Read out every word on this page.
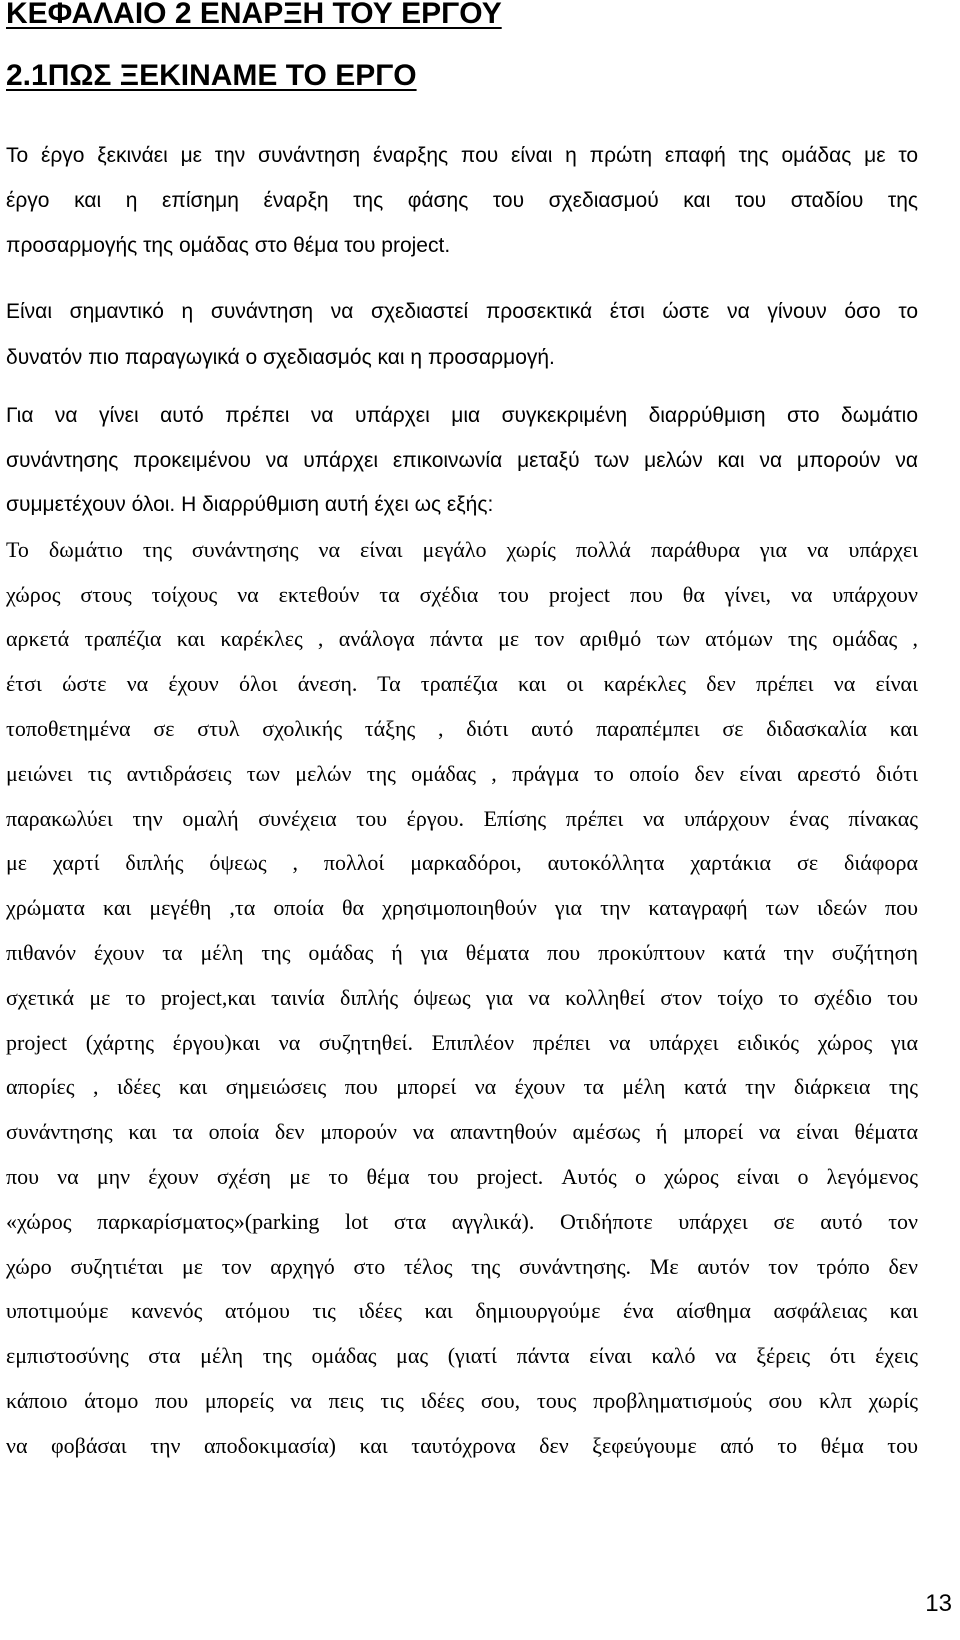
ΚΕΦΑΛΑΙΟ 2 ΕΝΑΡΞΗ ΤΟΥ ΕΡΓΟΥ
2.1ΠΩΣ ΞΕΚΙΝΑΜΕ ΤΟ ΕΡΓΟ
Το έργο ξεκινάει με την συνάντηση έναρξης που είναι η πρώτη επαφή της ομάδας με το
έργο και η επίσημη έναρξη της φάσης του σχεδιασμού και του σταδίου της
προσαρμογής της ομάδας στο θέμα του project.
Είναι σημαντικό η συνάντηση να σχεδιαστεί προσεκτικά έτσι ώστε να γίνουν όσο το
δυνατόν πιο παραγωγικά ο σχεδιασμός και η προσαρμογή.
Για να γίνει αυτό πρέπει να υπάρχει μια συγκεκριμένη διαρρύθμιση στο δωμάτιο
συνάντησης προκειμένου να υπάρχει επικοινωνία μεταξύ των μελών και να μπορούν να
συμμετέχουν όλοι. Η διαρρύθμιση αυτή έχει ως εξής:
Το δωμάτιο της συνάντησης να είναι μεγάλο χωρίς πολλά παράθυρα για να υπάρχει
χώρος στους τοίχους να εκτεθούν τα σχέδια του project που θα γίνει, να υπάρχουν
αρκετά τραπέζια και καρέκλες , ανάλογα πάντα με τον αριθμό των ατόμων της ομάδας ,
έτσι ώστε να έχουν όλοι άνεση. Τα τραπέζια και οι καρέκλες δεν πρέπει να είναι
τοποθετημένα σε στυλ σχολικής τάξης , διότι αυτό παραπέμπει σε διδασκαλία και
μειώνει τις αντιδράσεις των μελών της ομάδας , πράγμα το οποίο δεν είναι αρεστό διότι
παρακωλύει την ομαλή συνέχεια του έργου. Επίσης πρέπει να υπάρχουν ένας πίνακας
με χαρτί διπλής όψεως , πολλοί μαρκαδόροι, αυτοκόλλητα χαρτάκια σε διάφορα
χρώματα και μεγέθη ,τα οποία θα χρησιμοποιηθούν για την καταγραφή των ιδεών που
πιθανόν έχουν τα μέλη της ομάδας ή για θέματα που προκύπτουν κατά την συζήτηση
σχετικά με το project,και ταινία διπλής όψεως για να κολληθεί στον τοίχο το σχέδιο του
project (χάρτης έργου)και να συζητηθεί. Επιπλέον πρέπει να υπάρχει ειδικός χώρος για
απορίες , ιδέες και σημειώσεις που μπορεί να έχουν τα μέλη κατά την διάρκεια της
συνάντησης και τα οποία δεν μπορούν να απαντηθούν αμέσως ή μπορεί να είναι θέματα
που να μην έχουν σχέση με το θέμα του project. Αυτός ο χώρος είναι ο λεγόμενος
«χώρος παρκαρίσματος»(parking lot στα αγγλικά). Οτιδήποτε υπάρχει σε αυτό τον
χώρο συζητιέται με τον αρχηγό στο τέλος της συνάντησης. Με αυτόν τον τρόπο δεν
υποτιμούμε κανενός ατόμου τις ιδέες και δημιουργούμε ένα αίσθημα ασφάλειας και
εμπιστοσύνης στα μέλη της ομάδας μας (γιατί πάντα είναι καλό να ξέρεις ότι έχεις
κάποιο άτομο που μπορείς να πεις τις ιδέες σου, τους προβληματισμούς σου κλπ χωρίς
να φοβάσαι την αποδοκιμασία) και ταυτόχρονα δεν ξεφεύγουμε από το θέμα του
13
